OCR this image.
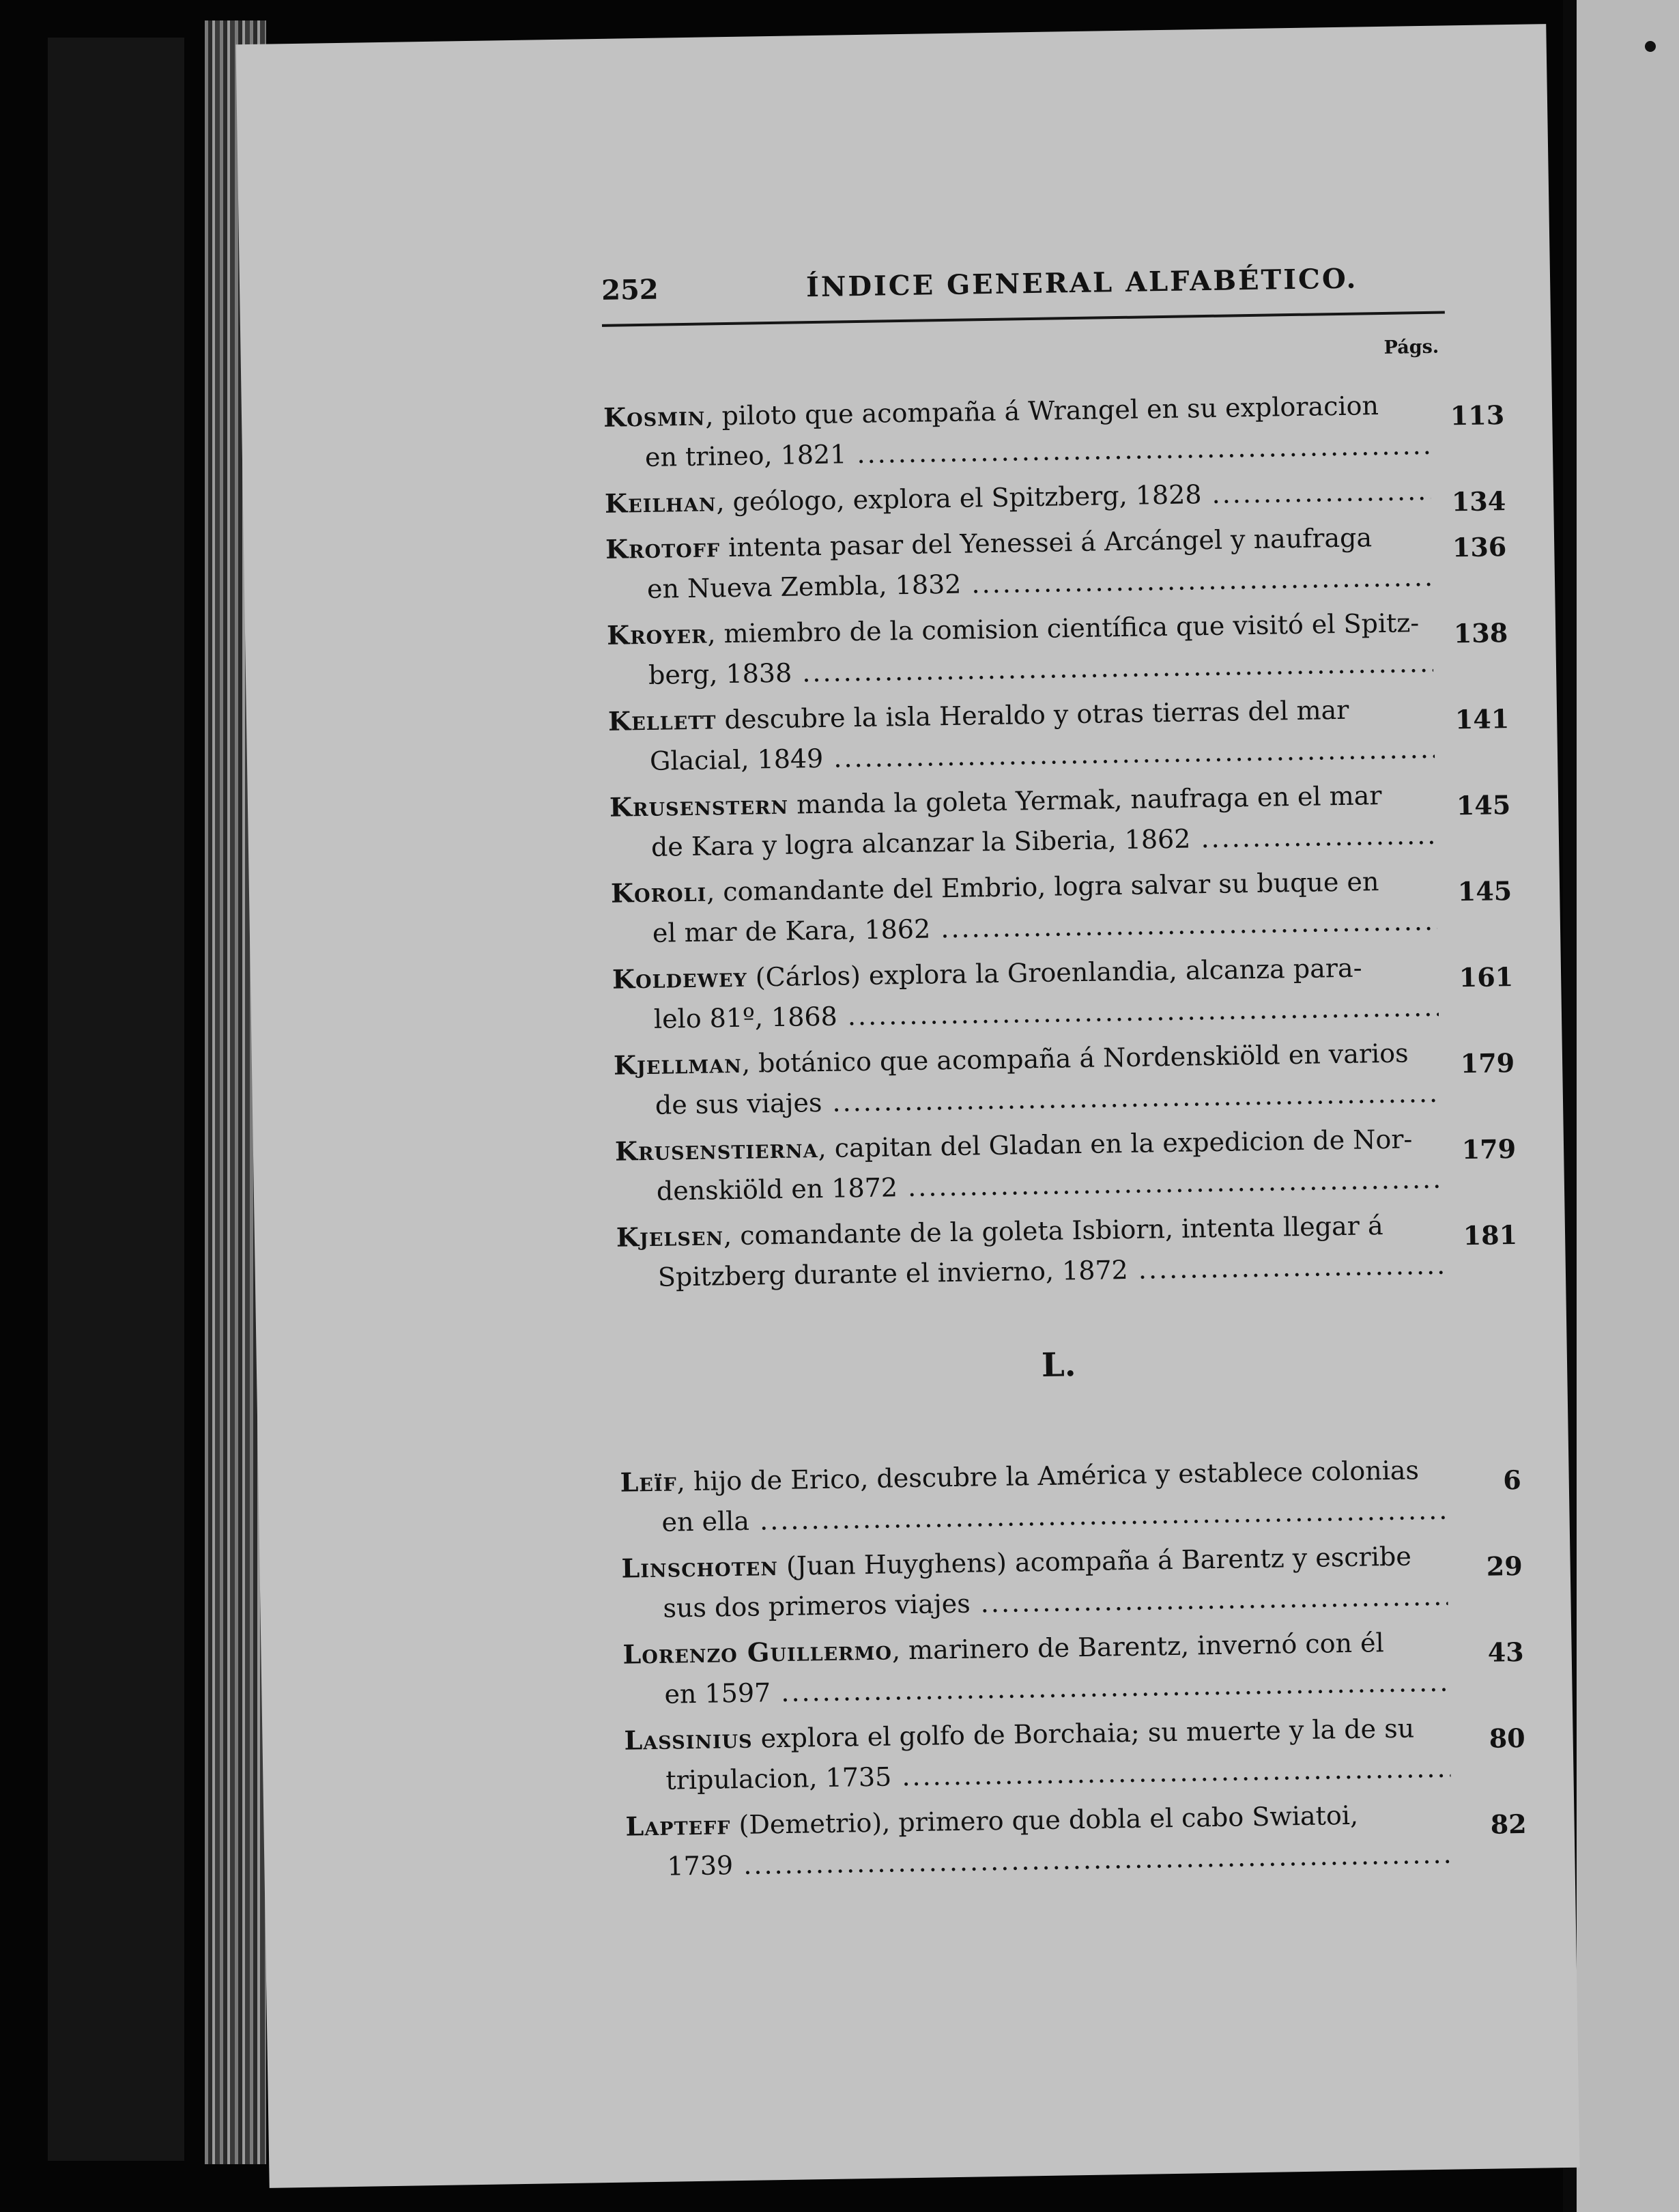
252	ÍNDICE GENERAL ALFABÉTICO.
Págs.
Kosmin, piloto que acompaña á Wrangel en su exploracion
en trineo, 1821 .....
113
Keilhan, geólogo, explora el Spitzberg, 1828 .....	134
Krotoff intenta pasar del Yenessei á Arcángel y naufraga
en Nueva Zembla, 1832 .....
136
Kroyer, miembro de la comision científica que visitó el Spitz-
berg, 1838 .....
138
Kellett descubre la isla Heraldo y otras tierras del mar
Glacial, 1849 .....
141
Krusenstern manda la goleta Yermak, naufraga en el mar
de Kara y logra alcanzar la Siberia, 1862 .....
145
Koroli, comandante del Embrio, logra salvar su buque en
el mar de Kara, 1862 .....
145
Koldewey (Cárlos) explora la Groenlandia, alcanza para-
lelo 81º, 1868 .....
161
Kjellman, botánico que acompaña á Nordenskiöld en varios
de sus viajes .....
179
Krusenstierna, capitan del Gladan en la expedicion de Nor-
denskiöld en 1872 .....
179
Kjelsen, comandante de la goleta Isbiorn, intenta llegar á
Spitzberg durante el invierno, 1872 .....
181
L.
Leïf, hijo de Erico, descubre la América y establece colonias
en ella .....
6
Linschoten (Juan Huyghens) acompaña á Barentz y escribe
sus dos primeros viajes .....
29
Lorenzo Guillermo, marinero de Barentz, invernó con él
en 1597 .....
43
Lassinius explora el golfo de Borchaia; su muerte y la de su
tripulacion, 1735 .....
80
Lapteff (Demetrio), primero que dobla el cabo Swiatoi,
1739 .....
82
